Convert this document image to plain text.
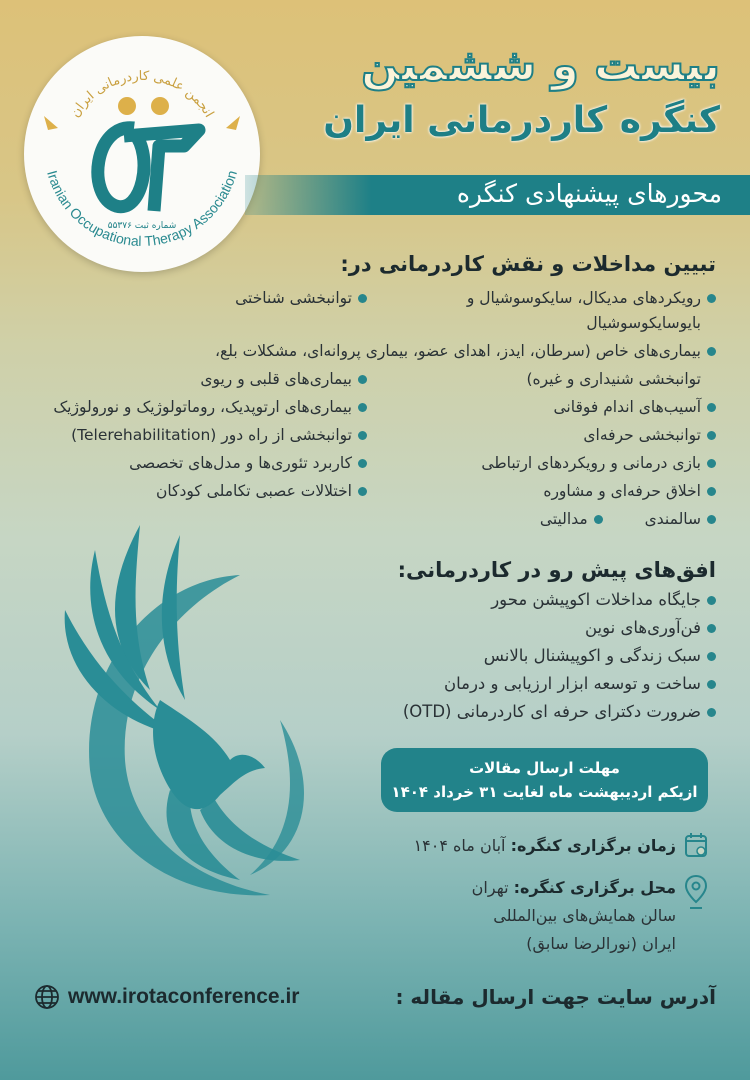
انجمن علمی کاردرمانی ایران
Iranian Occupational Therapy Association
شماره ثبت ۵۵۳۷۶
بیست و ششمین
کنگره کاردرمانی ایران
محورهای پیشنهادی کنگره
تبیین مداخلات و نقش کاردرمانی در:
رویکردهای مدیکال، سایکوسوشیال و بایوسایکوسوشیال
توانبخشی شناختی
بیماری‌های خاص (سرطان، ایدز، اهدای عضو، بیماری پروانه‌ای، مشکلات بلع،
توانبخشی شنیداری و غیره)
بیماری‌های قلبی و ریوی
آسیب‌های اندام فوقانی
بیماری‌های ارتوپدیک، روماتولوژیک و نورولوژیک
توانبخشی حرفه‌ای
توانبخشی از راه دور (Telerehabilitation)
بازی درمانی و رویکردهای ارتباطی
کاربرد تئوری‌ها و مدل‌های تخصصی
اخلاق حرفه‌ای و مشاوره
اختلالات عصبی تکاملی کودکان
سالمندی
مدالیتی
افق‌های پیش رو در کاردرمانی:
جایگاه مداخلات اکوپیشن محور
فن‌آوری‌های نوین
سبک زندگی و اکوپیشنال بالانس
ساخت و توسعه ابزار ارزیابی و درمان
ضرورت دکترای حرفه ای کاردرمانی (OTD)
مهلت ارسال مقالات
ازیکم اردیبهشت ماه لغایت ۳۱ خرداد ۱۴۰۴
زمان برگزاری کنگره: آبان ماه ۱۴۰۴
محل برگزاری کنگره: تهران
سالن همایش‌های بین‌المللی
ایران (نورالرضا سابق)
آدرس سایت جهت ارسال مقاله :
www.irotaconference.ir
